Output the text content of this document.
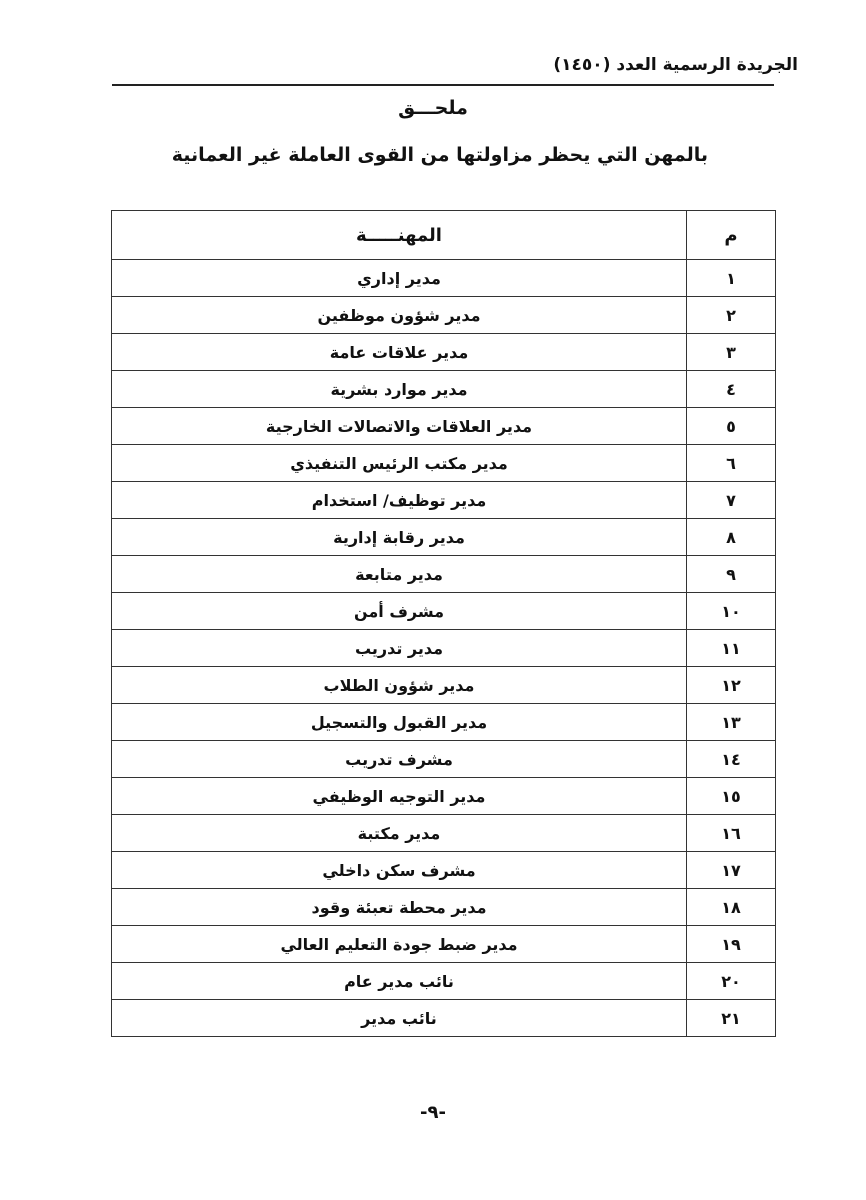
الجريدة الرسمية العدد (١٤٥٠)
ملحـــق
بالمهن التي يحظر مزاولتها من القوى العاملة غير العمانية
م	المهنـــــة
١	مدير إداري
٢	مدير شؤون موظفين
٣	مدير علاقات عامة
٤	مدير موارد بشرية
٥	مدير العلاقات والاتصالات الخارجية
٦	مدير مكتب الرئيس التنفيذي
٧	مدير توظيف/ استخدام
٨	مدير رقابة إدارية
٩	مدير متابعة
١٠	مشرف أمن
١١	مدير تدريب
١٢	مدير شؤون الطلاب
١٣	مدير القبول والتسجيل
١٤	مشرف تدريب
١٥	مدير التوجيه الوظيفي
١٦	مدير مكتبة
١٧	مشرف سكن داخلي
١٨	مدير محطة تعبئة وقود
١٩	مدير ضبط جودة التعليم العالي
٢٠	نائب مدير عام
٢١	نائب مدير
-٩-
